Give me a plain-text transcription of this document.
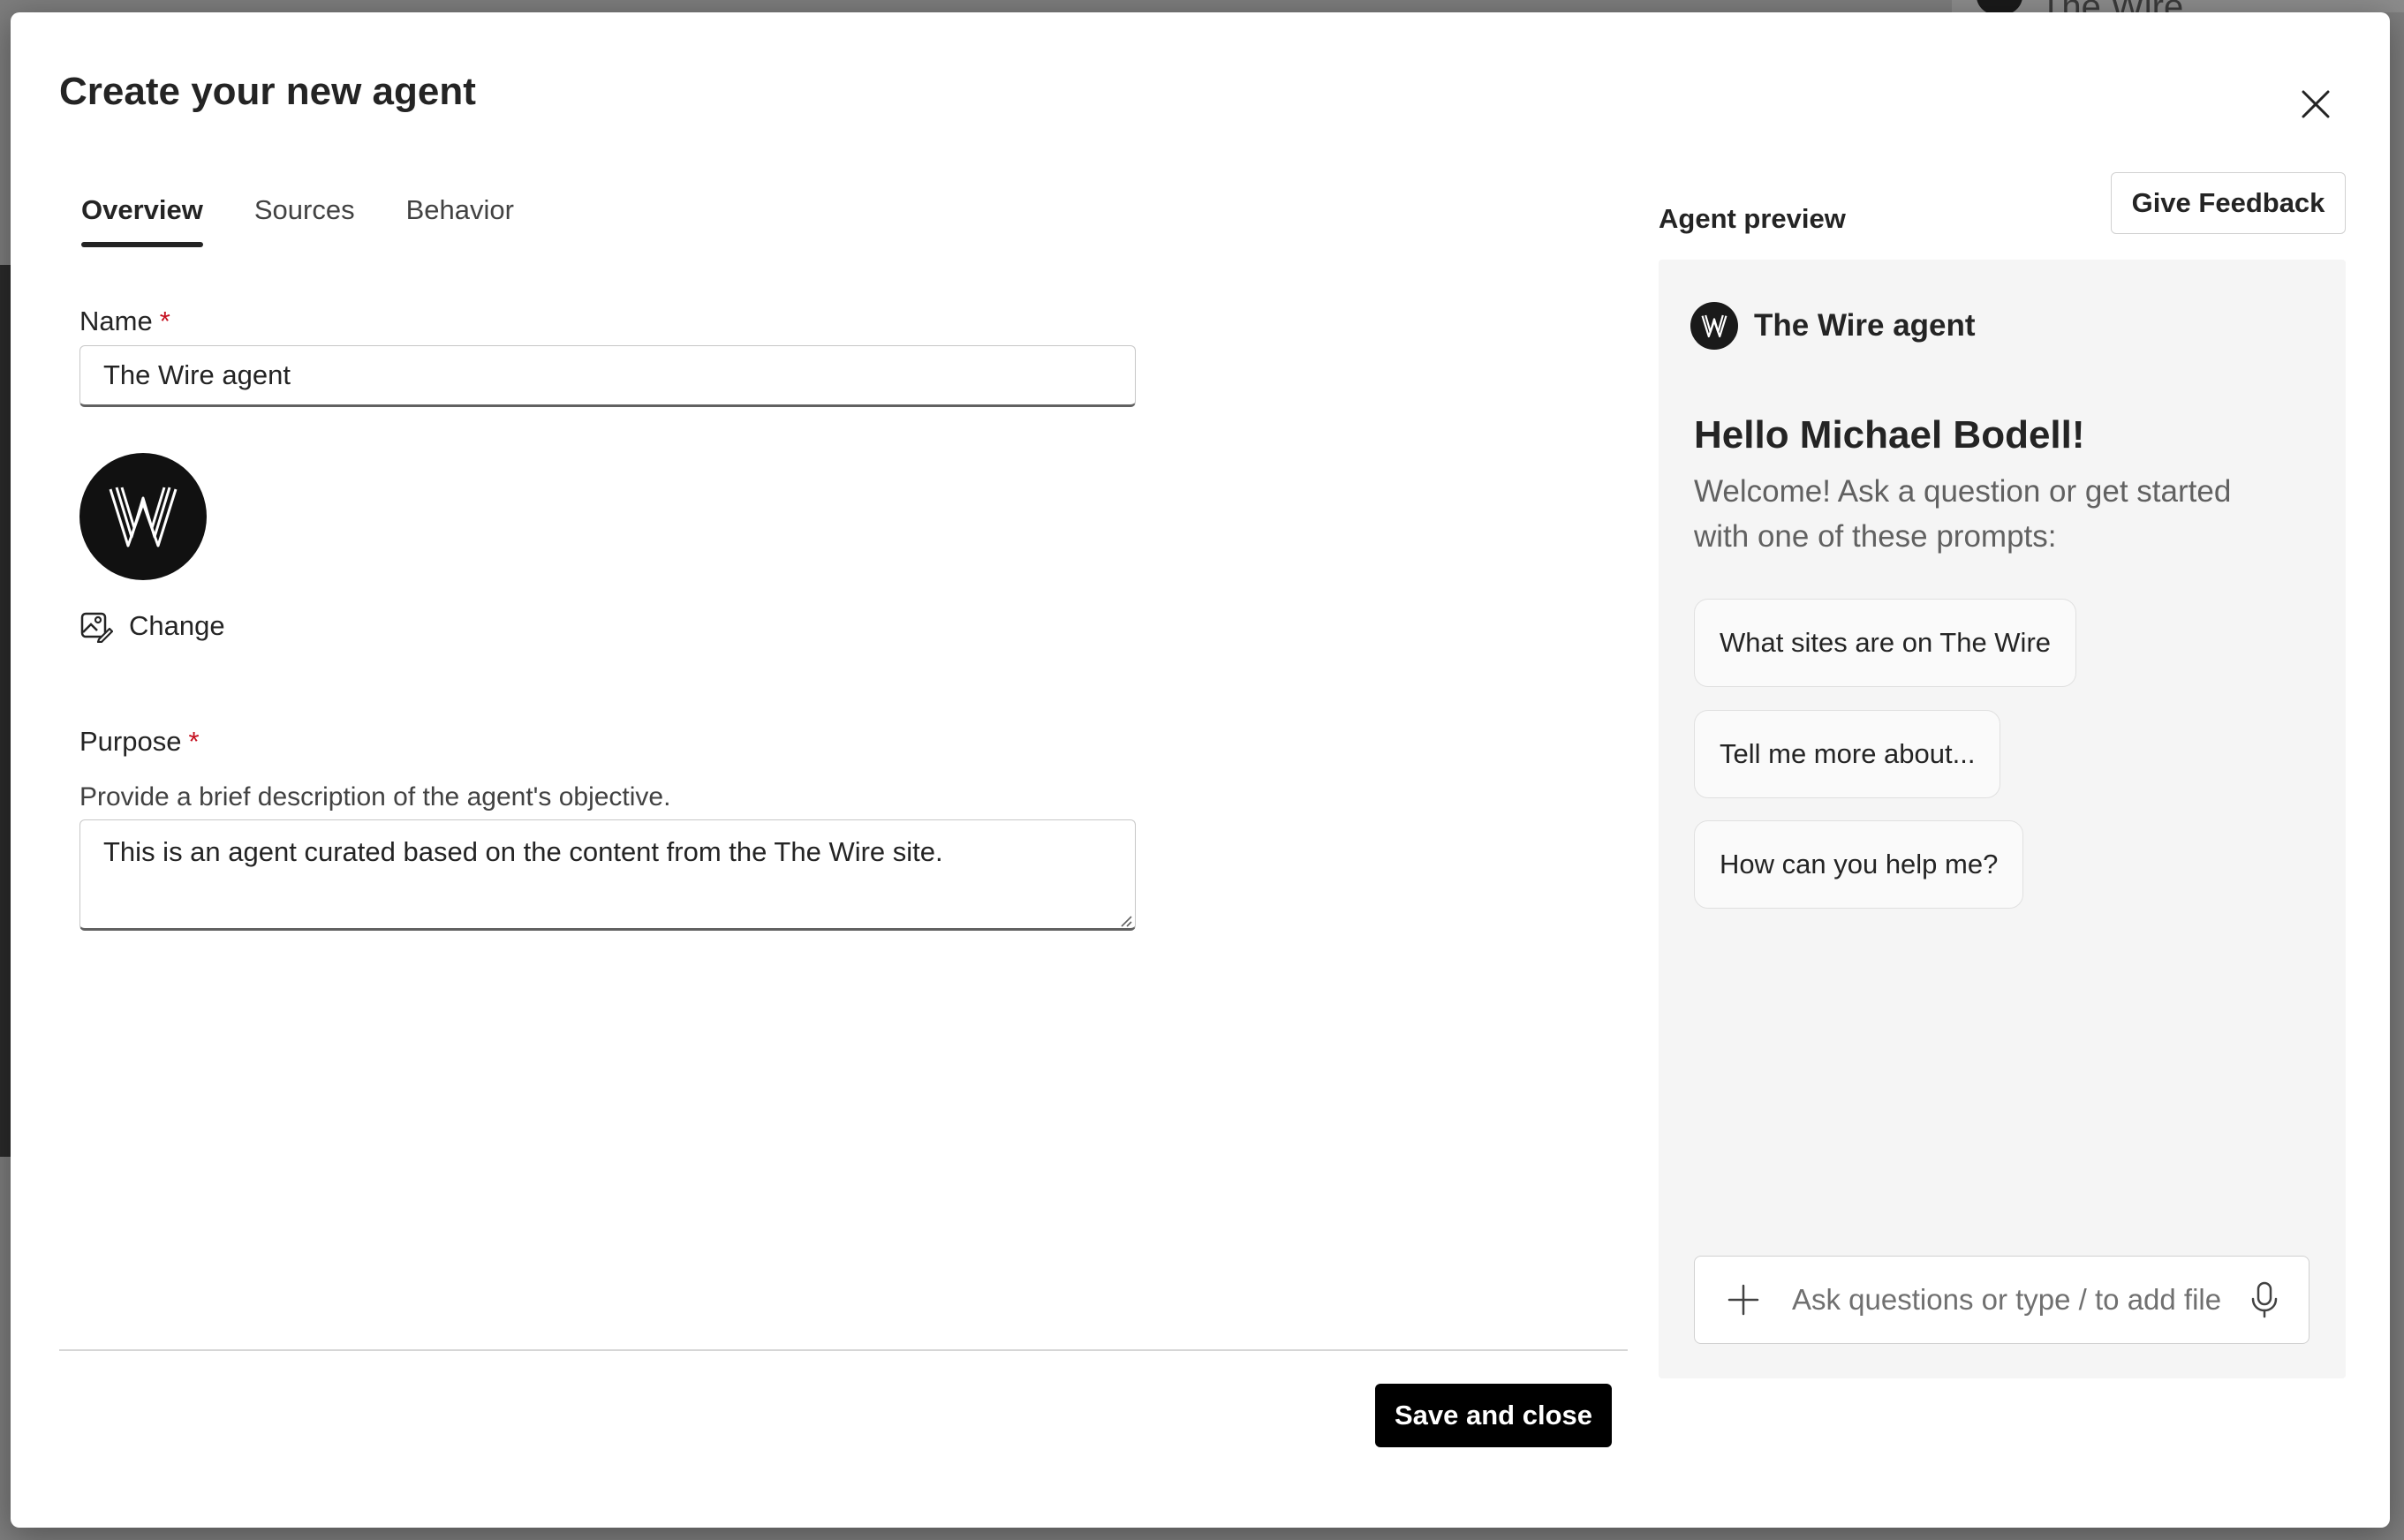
Create your new agent
Overview Sources Behavior
Name *
The Wire agent
Change
Purpose *
Provide a brief description of the agent's objective.
This is an agent curated based on the content from the The Wire site.
Save and close
Agent preview
Give Feedback
The Wire agent
Hello Michael Bodell!
Welcome! Ask a question or get started with one of these prompts:
What sites are on The Wire
Tell me more about...
How can you help me?
Ask questions or type / to add files
